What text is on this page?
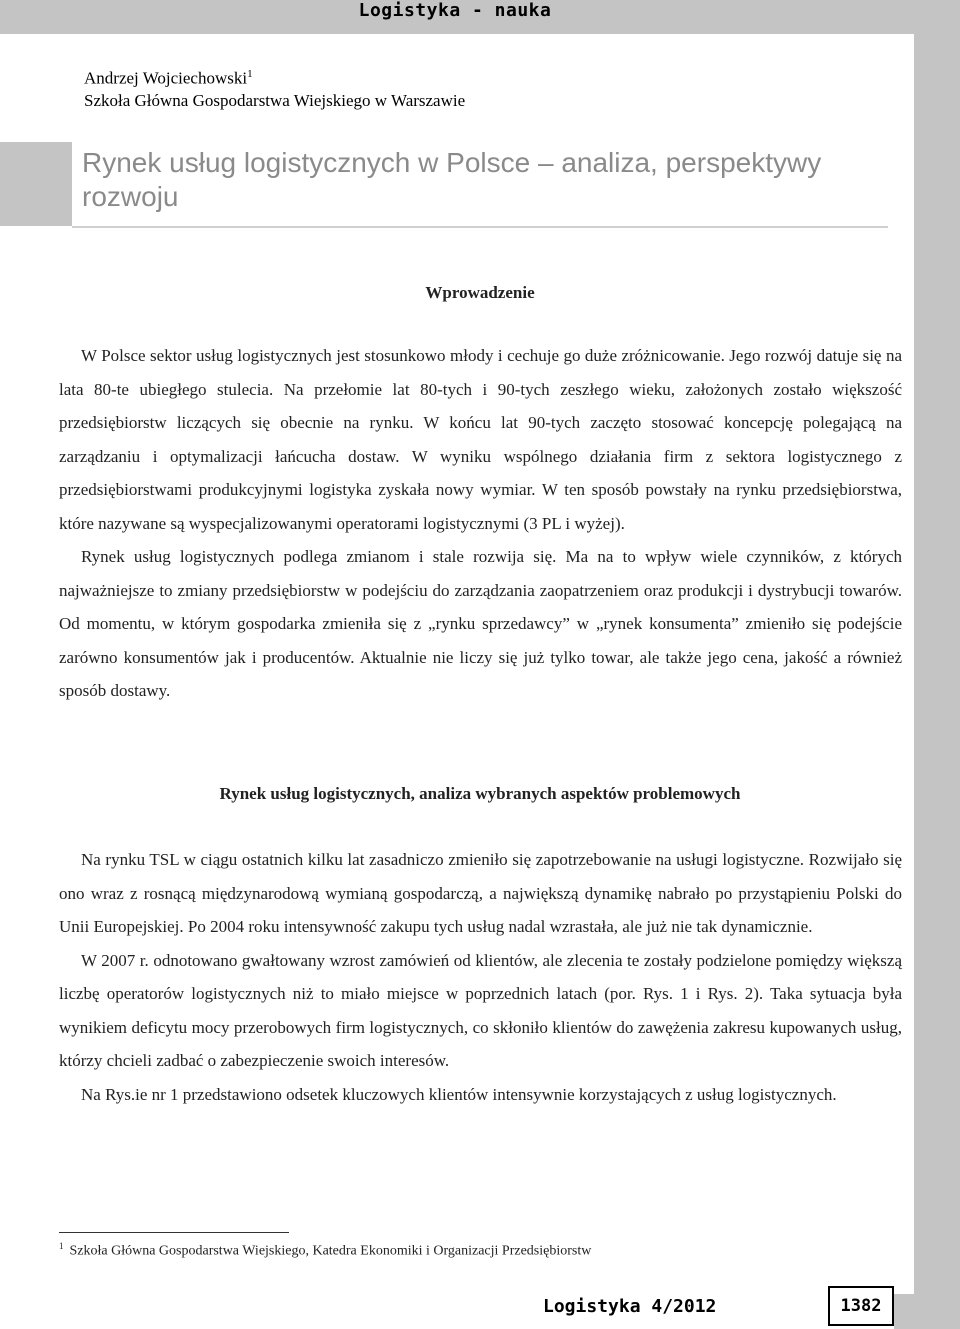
Logistyka - nauka
Andrzej Wojciechowski$^1$
Szkoła Główna Gospodarstwa Wiejskiego w Warszawie
Rynek usług logistycznych w Polsce – analiza, perspektywy rozwoju
Wprowadzenie

W Polsce sektor usług logistycznych jest stosunkowo młody i cechuje go duże zróżnicowanie. Jego rozwój datuje się na lata 80-te ubiegłego stulecia. Na przełomie lat 80-tych i 90-tych zeszłego wieku, założonych zostało większość przedsiębiorstw liczących się obecnie na rynku. W końcu lat 90-tych zaczęto stosować koncepcję polegającą na zarządzaniu i optymalizacji łańcucha dostaw. W wyniku wspólnego działania firm z sektora logistycznego z przedsiębiorstwami produkcyjnymi logistyka zyskała nowy wymiar. W ten sposób powstały na rynku przedsiębiorstwa, które nazywane są wyspecjalizowanymi operatorami logistycznymi (3 PL i wyżej).

Rynek usług logistycznych podlega zmianom i stale rozwija się. Ma na to wpływ wiele czynników, z których najważniejsze to zmiany przedsiębiorstw w podejściu do zarządzania zaopatrzeniem oraz produkcji i dystrybucji towarów. Od momentu, w którym gospodarka zmieniła się z „rynku sprzedawcy” w „rynek konsumenta” zmieniło się podejście zarówno konsumentów jak i producentów. Aktualnie nie liczy się już tylko towar, ale także jego cena, jakość a również sposób dostawy.

Rynek usług logistycznych, analiza wybranych aspektów problemowych

Na rynku TSL w ciągu ostatnich kilku lat zasadniczo zmieniło się zapotrzebowanie na usługi logistyczne. Rozwijało się ono wraz z rosnącą międzynarodową wymianą gospodarczą, a największą dynamikę nabrało po przystąpieniu Polski do Unii Europejskiej. Po 2004 roku intensywność zakupu tych usług nadal wzrastała, ale już nie tak dynamicznie.

W 2007 r. odnotowano gwałtowany wzrost zamówień od klientów, ale zlecenia te zostały podzielone pomiędzy większą liczbę operatorów logistycznych niż to miało miejsce w poprzednich latach (por. Rys. 1 i Rys. 2). Taka sytuacja była wynikiem deficytu mocy przerobowych firm logistycznych, co skłoniło klientów do zawężenia zakresu kupowanych usług, którzy chcieli zadbać o zabezpieczenie swoich interesów.

Na Rys.ie nr 1 przedstawiono odsetek kluczowych klientów intensywnie korzystających z usług logistycznych.

$^1$ Szkoła Główna Gospodarstwa Wiejskiego, Katedra Ekonomiki i Organizacji Przedsiębiorstw
Logistyka 4/2012	1382
